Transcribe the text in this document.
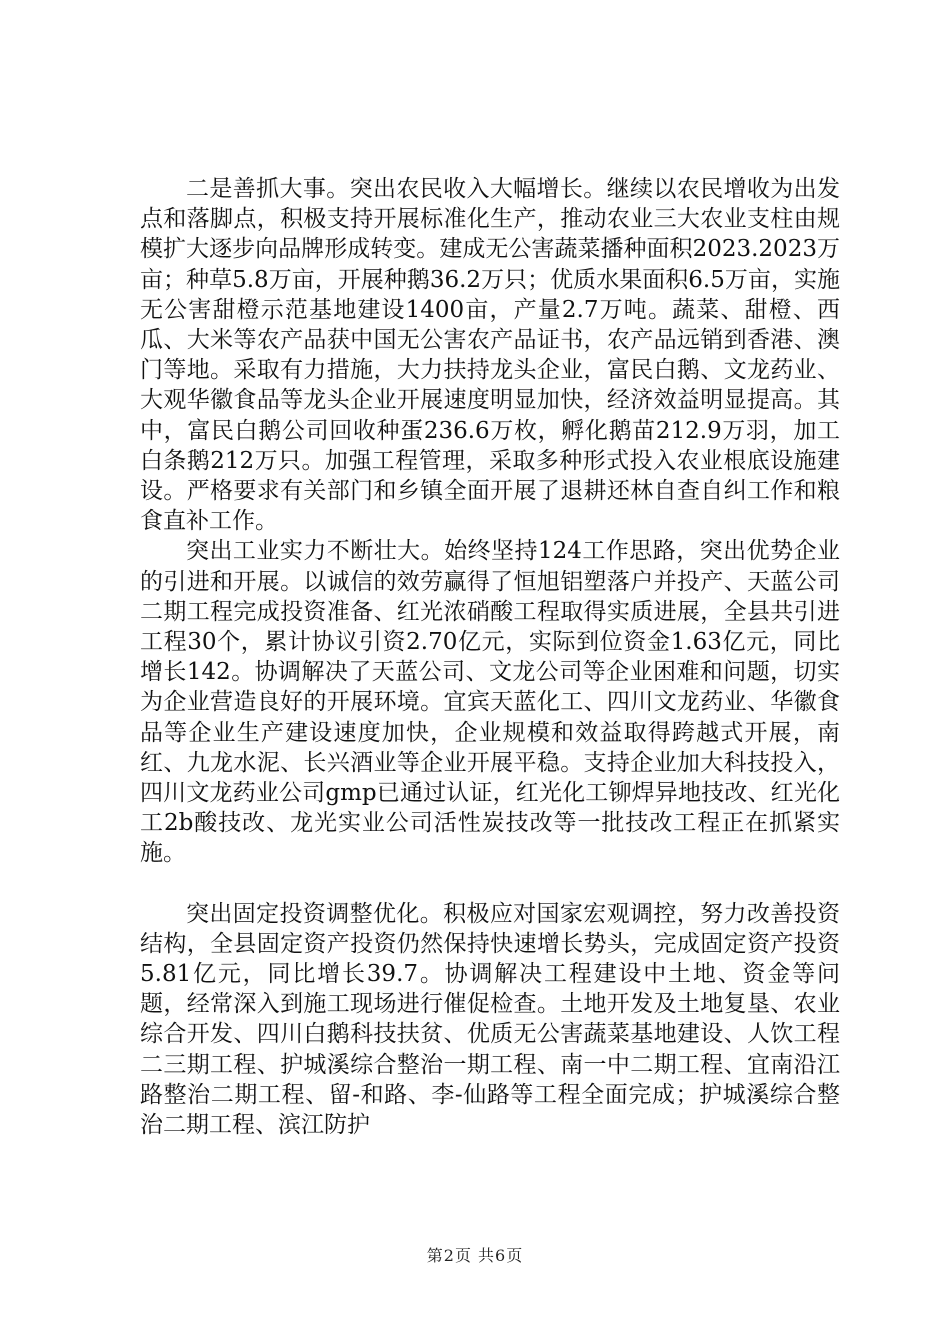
二是善抓大事。突出农民收入大幅增长。继续以农民增收为出发点和落脚点，积极支持开展标准化生产，推动农业三大农业支柱由规模扩大逐步向品牌形成转变。建成无公害蔬菜播种面积2023.2023万亩；种草5.8万亩，开展种鹅36.2万只；优质水果面积6.5万亩，实施无公害甜橙示范基地建设1400亩，产量2.7万吨。蔬菜、甜橙、西瓜、大米等农产品获中国无公害农产品证书，农产品远销到香港、澳门等地。采取有力措施，大力扶持龙头企业，富民白鹅、文龙药业、大观华徽食品等龙头企业开展速度明显加快，经济效益明显提高。其中，富民白鹅公司回收种蛋236.6万枚，孵化鹅苗212.9万羽，加工白条鹅212万只。加强工程管理，采取多种形式投入农业根底设施建设。严格要求有关部门和乡镇全面开展了退耕还林自查自纠工作和粮食直补工作。

突出工业实力不断壮大。始终坚持124工作思路，突出优势企业的引进和开展。以诚信的效劳赢得了恒旭铝塑落户并投产、天蓝公司二期工程完成投资准备、红光浓硝酸工程取得实质进展，全县共引进工程30个，累计协议引资2.70亿元，实际到位资金1.63亿元，同比增长142。协调解决了天蓝公司、文龙公司等企业困难和问题，切实为企业营造良好的开展环境。宜宾天蓝化工、四川文龙药业、华徽食品等企业生产建设速度加快，企业规模和效益取得跨越式开展，南红、九龙水泥、长兴酒业等企业开展平稳。支持企业加大科技投入，四川文龙药业公司gmp已通过认证，红光化工铆焊异地技改、红光化工2b酸技改、龙光实业公司活性炭技改等一批技改工程正在抓紧实施。

突出固定投资调整优化。积极应对国家宏观调控，努力改善投资结构，全县固定资产投资仍然保持快速增长势头，完成固定资产投资5.81亿元，同比增长39.7。协调解决工程建设中土地、资金等问题，经常深入到施工现场进行催促检查。土地开发及土地复垦、农业综合开发、四川白鹅科技扶贫、优质无公害蔬菜基地建设、人饮工程二三期工程、护城溪综合整治一期工程、南一中二期工程、宜南沿江路整治二期工程、留-和路、李-仙路等工程全面完成；护城溪综合整治二期工程、滨江防护

第2页 共6页
